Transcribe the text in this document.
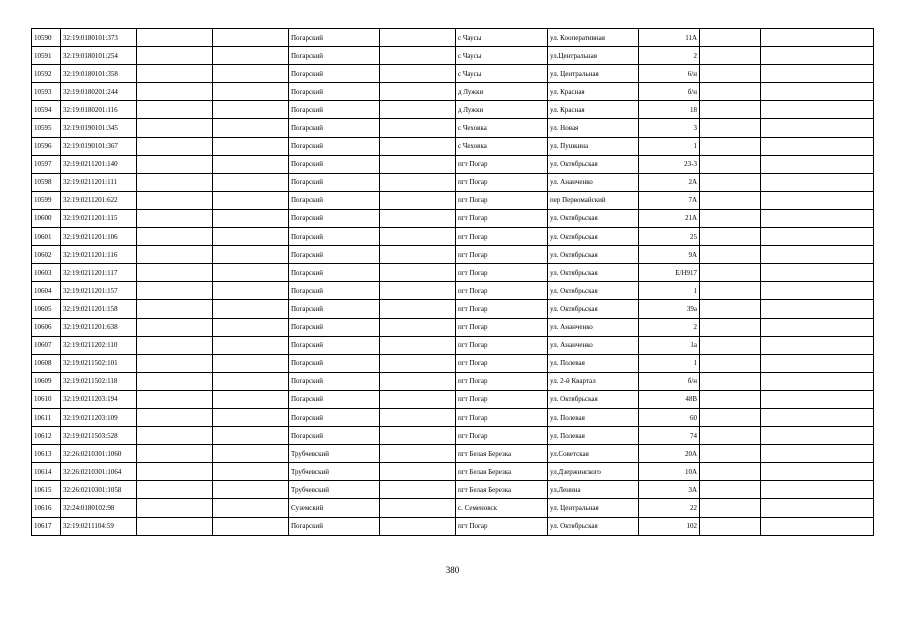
10590	32:19:0180101:373			Погарский		с Чаусы	ул. Кооперативная	11А		
10591	32:19:0180101:254			Погарский		с Чаусы	ул.Центральная	2		
10592	32:19:0180101:358			Погарский		с Чаусы	ул. Центральная	6/н		
10593	32:19:0180201:244			Погарский		д Лужки	ул. Красная	б/н		
10594	32:19:0180201:116			Погарский		д Лужки	ул. Красная	18		
10595	32:19:0190101:345			Погарский		с Чеховка	ул. Новая	3		
10596	32:19:0190101:367			Погарский		с Чеховка	ул. Пушкина	1		
10597	32:19:0211201:140			Погарский		пгт Погар	ул. Октябрьская	23-3		
10598	32:19:0211201:111			Погарский		пгт Погар	ул. Ананченко	2А		
10599	32:19:0211201:622			Погарский		пгт Погар	пер Первомайский	7А		
10600	32:19:0211201:115			Погарский		пгт Погар	ул. Октябрьская	21А		
10601	32:19:0211201:106			Погарский		пгт Погар	ул. Октябрьская	25		
10602	32:19:0211201:116			Погарский		пгт Погар	ул. Октябрьская	9А		
10603	32:19:0211201:117			Погарский		пгт Погар	ул. Октябрьская	Е/Н917		
10604	32:19:0211201:157			Погарский		пгт Погар	ул. Октябрьская	1		
10605	32:19:0211201:158			Погарский		пгт Погар	ул. Октябрьская	39а		
10606	32:19:0211201:638			Погарский		пгт Погар	ул. Ананченко	2		
10607	32:19:0211202:110			Погарский		пгт Погар	ул. Ананченко	1а		
10608	32:19:0211502:101			Погарский		пгт Погар	ул. Полевая	1		
10609	32:19:0211502:118			Погарский		пгт Погар	ул. 2-й Квартал	б/н		
10610	32:19:0211203:194			Погарский		пгт Погар	ул. Октябрьская	48В		
10611	32:19:0211203:109			Погарский		пгт Погар	ул. Полевая	60		
10612	32:19:0211503:528			Погарский		пгт Погар	ул. Полевая	74		
10613	32:26:0210301:1060			Трубчевский		пгт Белая Березка	ул.Советская	20А		
10614	32:26:0210301:1064			Трубчевский		пгт Белая Березка	ул.Дзержинского	10А		
10615	32:26:0210301:1058			Трубчевский		пгт Белая Березка	ул.Ленина	3А		
10616	32:24:0180102:98			Суземский		с. Семеновск	ул. Центральная	22		
10617	32:19:0211104:59			Погарский		пгт Погар	ул. Октябрьская	102		
380
